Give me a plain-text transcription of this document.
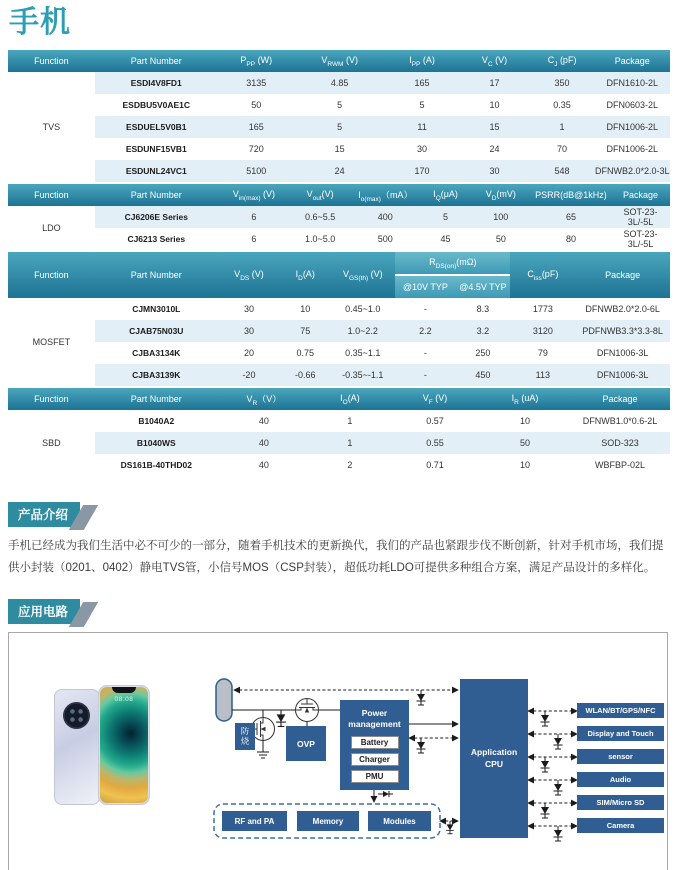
手机
Function	Part Number	$P_{PP}$ (W)	$V_{RWM}$ (V)	$I_{PP}$ (A)	$V_C$ (V)	$C_J$ (pF)	Package
TVS	ESDI4V8FD1	3135	4.85	165	17	350	DFN1610-2L
	ESDBU5V0AE1C	50	5	5	10	0.35	DFN0603-2L
	ESDUEL5V0B1	165	5	11	15	1	DFN1006-2L
	ESDUNF15VB1	720	15	30	24	70	DFN1006-2L
	ESDUNL24VC1	5100	24	170	30	548	DFNWB2.0*2.0-3L
Function	Part Number	$V_{in(max)}$ (V)	$V_{out}(V)$	$I_{o(max)}(mA)$	$I_Q(\mu A)$	$V_D(mV)$	PSRR(dB@1kHz)	Package
LDO	CJ6206E Series	6	0.6~5.5	400	5	100	65	SOT-23-3L/-5L
	CJ6213 Series	6	1.0~5.0	500	45	50	80	SOT-23-3L/-5L
Function	Part Number	$V_{DS}$ (V)	$I_D(A)$	$V_{GS(th)}$ (V)	$R_{DS(on)}(m\Omega)$		$C_{iss}(pF)$	Package
					@10V TYP	@4.5V TYP		
MOSFET	CJMN3010L	30	10	0.45~1.0	-	8.3	1773	DFNWB2.0*2.0-6L
	CJAB75N03U	30	75	1.0~2.2	2.2	3.2	3120	PDFNWB3.3*3.3-8L
	CJBA3134K	20	0.75	0.35~1.1	-	250	79	DFN1006-3L
	CJBA3139K	-20	-0.66	-0.35~-1.1	-	450	113	DFN1006-3L
Function	Part Number	$V_R(V)$	$I_O(A)$	$V_F$ (V)	$I_R$ (uA)	Package
SBD	B1040A2	40	1	0.57	10	DFNWB1.0*0.6-2L
	B1040WS	40	1	0.55	50	SOD-323
	DS161B-40THD02	40	2	0.71	10	WBFBP-02L
产品介绍

手机已经成为我们生活中必不可少的一部分，随着手机技术的更新换代，我们的产品也紧跟步伐不断创新，针对手机市场，我们提供小封装（0201、0402）静电TVS管，小信号MOS（CSP封装），超低功耗LDO可提供多种组合方案，满足产品设计的多样化。

应用电路
08:08
防烧	OVP
Power management
Battery
Charger
PMU
Application CPU
RF and PA	Memory	Modules
WLAN/BT/GPS/NFC
Display and Touch
sensor
Audio
SIM/Micro SD
Camera
